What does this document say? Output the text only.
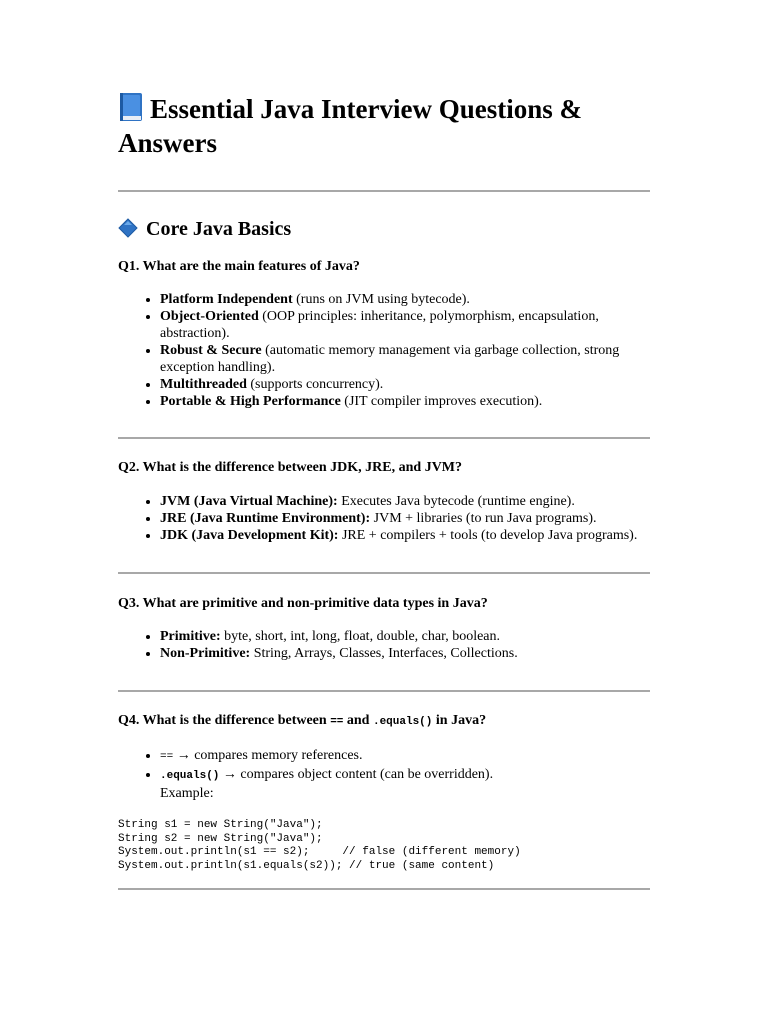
Essential Java Interview Questions & Answers
Core Java Basics

Q1. What are the main features of Java?

• Platform Independent (runs on JVM using bytecode).
• Object-Oriented (OOP principles: inheritance, polymorphism, encapsulation, abstraction).
• Robust & Secure (automatic memory management via garbage collection, strong exception handling).
• Multithreaded (supports concurrency).
• Portable & High Performance (JIT compiler improves execution).

Q2. What is the difference between JDK, JRE, and JVM?

• JVM (Java Virtual Machine): Executes Java bytecode (runtime engine).
• JRE (Java Runtime Environment): JVM + libraries (to run Java programs).
• JDK (Java Development Kit): JRE + compilers + tools (to develop Java programs).

Q3. What are primitive and non-primitive data types in Java?

• Primitive: byte, short, int, long, float, double, char, boolean.
• Non-Primitive: String, Arrays, Classes, Interfaces, Collections.

Q4. What is the difference between == and .equals() in Java?

• == → compares memory references.
• .equals() → compares object content (can be overridden).
Example:
String s1 = new String("Java");
String s2 = new String("Java");
System.out.println(s1 == s2);     // false (different memory)
System.out.println(s1.equals(s2)); // true (same content)
